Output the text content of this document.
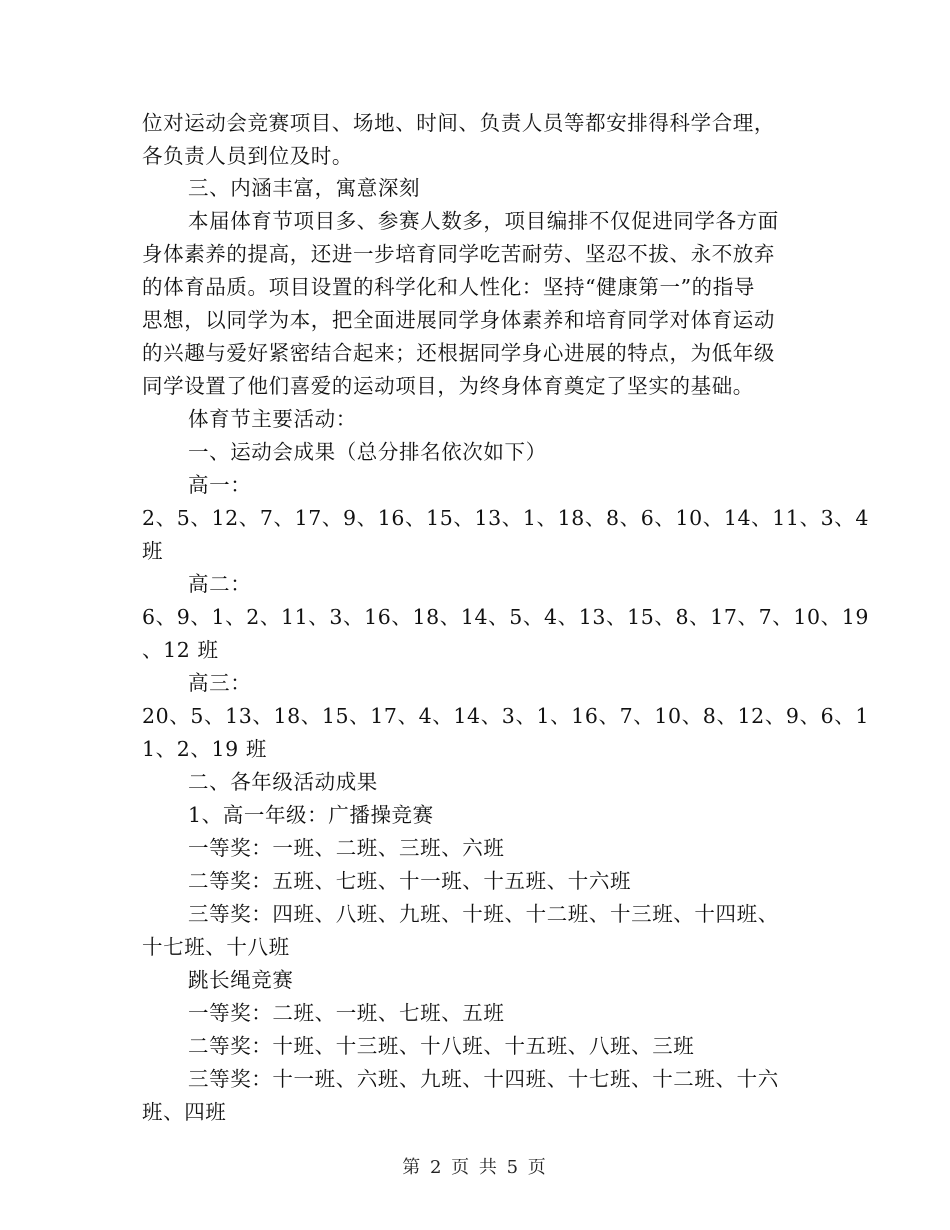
位对运动会竞赛项目、场地、时间、负责人员等都安排得科学合理，
各负责人员到位及时。
三、内涵丰富，寓意深刻
本届体育节项目多、参赛人数多，项目编排不仅促进同学各方面
身体素养的提高，还进一步培育同学吃苦耐劳、坚忍不拔、永不放弃
的体育品质。项目设置的科学化和人性化：坚持“健康第一”的指导
思想，以同学为本，把全面进展同学身体素养和培育同学对体育运动
的兴趣与爱好紧密结合起来；还根据同学身心进展的特点，为低年级
同学设置了他们喜爱的运动项目，为终身体育奠定了坚实的基础。
体育节主要活动：
一、运动会成果（总分排名依次如下）
高一：
2、5、12、7、17、9、16、15、13、1、18、8、6、10、14、11、3、4
班
高二：
6、9、1、2、11、3、16、18、14、5、4、13、15、8、17、7、10、19
、12 班
高三：
20、5、13、18、15、17、4、14、3、1、16、7、10、8、12、9、6、1
1、2、19 班
二、各年级活动成果
1、高一年级：广播操竞赛
一等奖：一班、二班、三班、六班
二等奖：五班、七班、十一班、十五班、十六班
三等奖：四班、八班、九班、十班、十二班、十三班、十四班、
十七班、十八班
跳长绳竞赛
一等奖：二班、一班、七班、五班
二等奖：十班、十三班、十八班、十五班、八班、三班
三等奖：十一班、六班、九班、十四班、十七班、十二班、十六
班、四班
第 2 页 共 5 页
